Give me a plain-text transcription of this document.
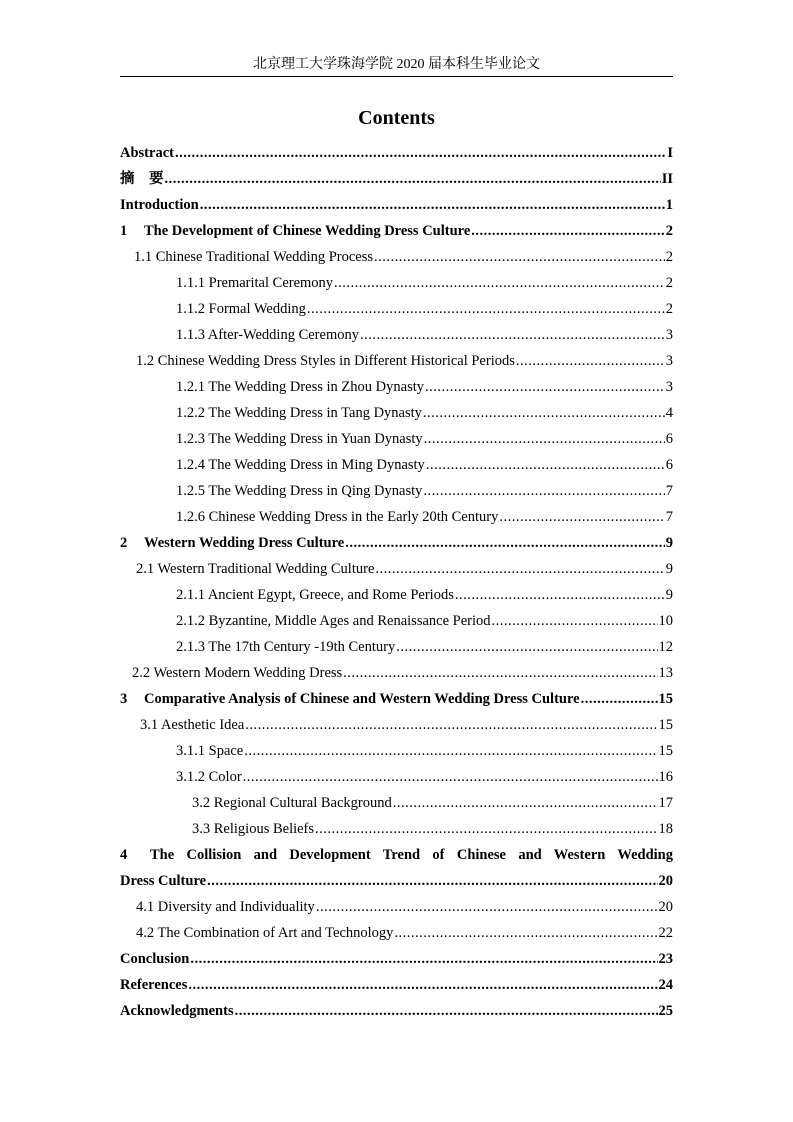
北京理工大学珠海学院 2020 届本科生毕业论文
Contents
Abstract .....	I
摘　要 .....	II
Introduction .....	1
1 The Development of Chinese Wedding Dress Culture .....	2
1.1 Chinese Traditional Wedding Process .....	2
1.1.1 Premarital Ceremony .....	2
1.1.2 Formal Wedding .....	2
1.1.3 After-Wedding Ceremony .....	3
1.2 Chinese Wedding Dress Styles in Different Historical Periods .....	3
1.2.1 The Wedding Dress in Zhou Dynasty .....	3
1.2.2 The Wedding Dress in Tang Dynasty .....	4
1.2.3 The Wedding Dress in Yuan Dynasty .....	6
1.2.4 The Wedding Dress in Ming Dynasty .....	6
1.2.5 The Wedding Dress in Qing Dynasty .....	7
1.2.6 Chinese Wedding Dress in the Early 20th Century .....	7
2 Western Wedding Dress Culture .....	9
2.1 Western Traditional Wedding Culture .....	9
2.1.1 Ancient Egypt, Greece, and Rome Periods .....	9
2.1.2 Byzantine, Middle Ages and Renaissance Period .....	10
2.1.3 The 17th Century -19th Century .....	12
2.2 Western Modern Wedding Dress .....	13
3 Comparative Analysis of Chinese and Western Wedding Dress Culture .....	15
3.1 Aesthetic Idea .....	15
3.1.1 Space .....	15
3.1.2 Color .....	16
3.2 Regional Cultural Background .....	17
3.3 Religious Beliefs .....	18
4 The Collision and Development Trend of Chinese and Western Wedding
Dress Culture .....	20
4.1 Diversity and Individuality .....	20
4.2 The Combination of Art and Technology .....	22
Conclusion .....	23
References .....	24
Acknowledgments .....	25
